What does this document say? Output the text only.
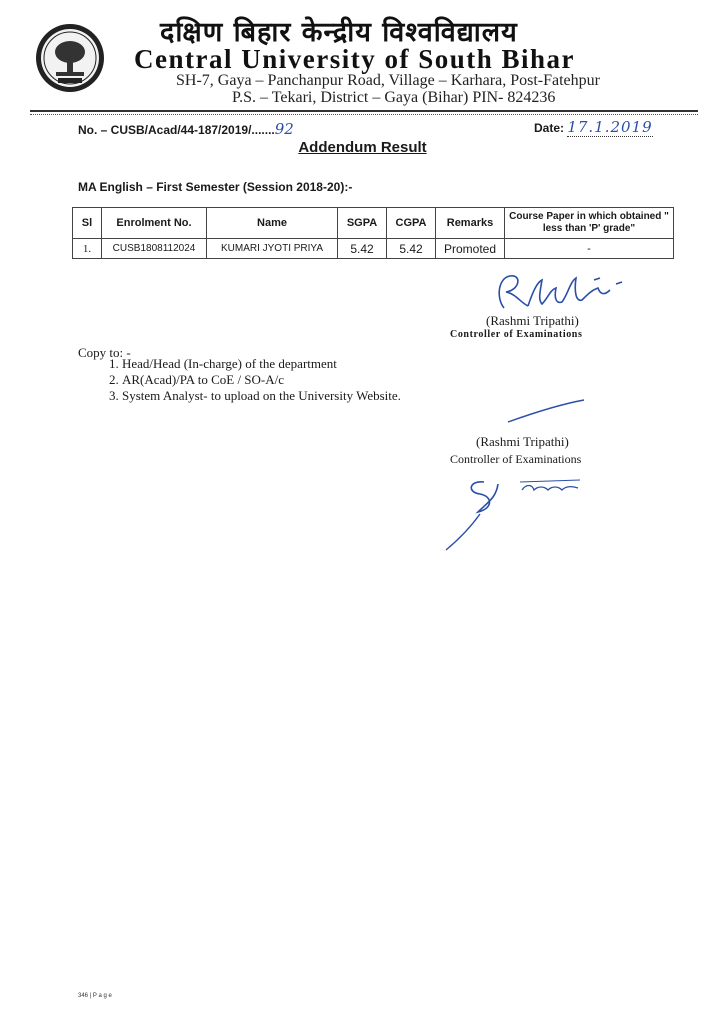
दक्षिण बिहार केन्द्रीय विश्वविद्यालय
Central University of South Bihar
SH-7, Gaya – Panchanpur Road, Village – Karhara, Post-Fatehpur
P.S. – Tekari, District – Gaya (Bihar) PIN- 824236
No. – CUSB/Acad/44-187/2019/.......92	Date: 17.1.2019
Addendum Result
MA English – First Semester (Session 2018-20):-
Sl	Enrolment No.	Name	SGPA	CGPA	Remarks	Course Paper in which obtained " less than 'P' grade"
1.	CUSB1808112024	KUMARI JYOTI PRIYA	5.42	5.42	Promoted	-
(Rashmi Tripathi)
Controller of Examinations
Copy to: -
1. Head/Head (In-charge) of the department
2. AR(Acad)/PA to CoE / SO-A/c
3. System Analyst- to upload on the University Website.
(Rashmi Tripathi)
Controller of Examinations
346 | P a g e
